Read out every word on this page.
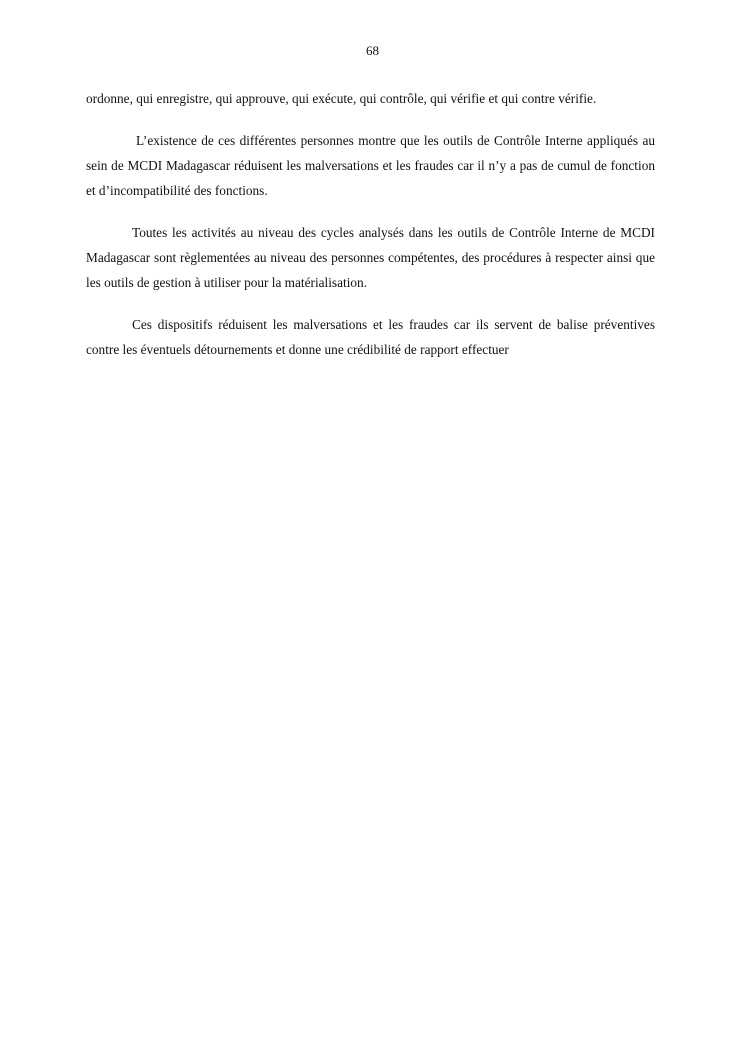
68

ordonne, qui enregistre, qui approuve, qui exécute, qui contrôle, qui vérifie et qui contre vérifie.

L’existence de ces différentes personnes montre que les outils de Contrôle Interne appliqués au sein de MCDI Madagascar réduisent les malversations et les fraudes car il n’y a pas de cumul de fonction et d’incompatibilité des fonctions.

Toutes les activités au niveau des cycles analysés dans les outils de Contrôle Interne de MCDI Madagascar sont règlementées au niveau des personnes compétentes, des procédures à respecter ainsi que les outils de gestion à utiliser pour la matérialisation.

Ces dispositifs réduisent les malversations et les fraudes car ils servent de balise préventives contre les éventuels détournements et donne une crédibilité de rapport effectuer
